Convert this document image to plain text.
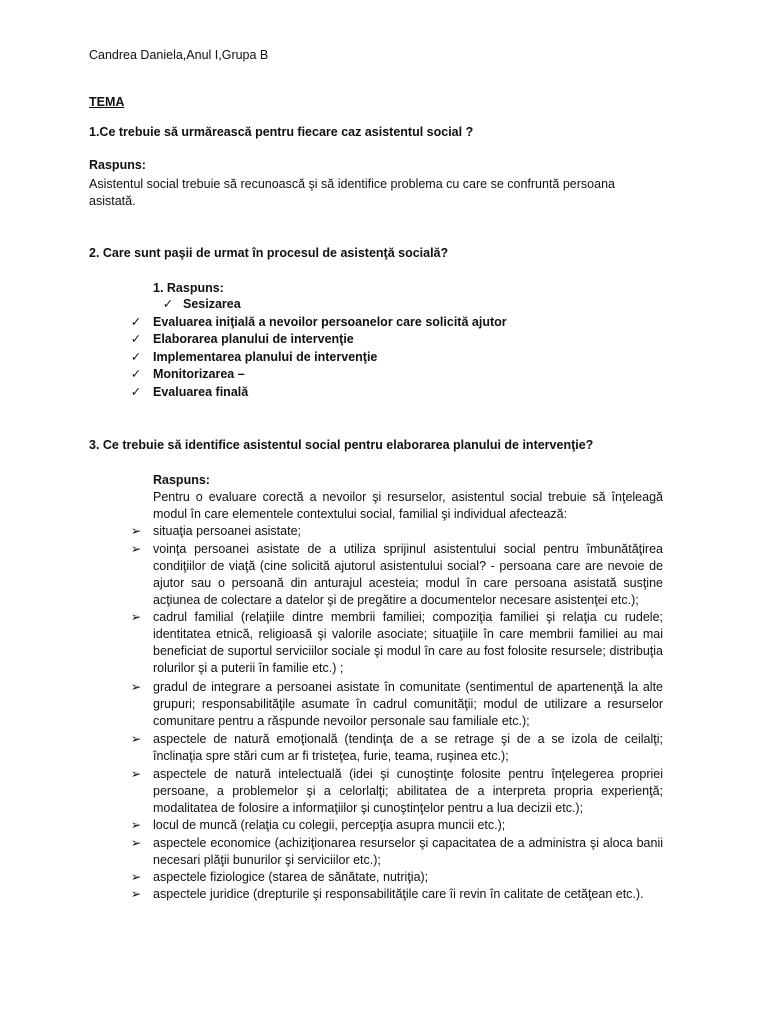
Candrea Daniela,Anul I,Grupa B
TEMA
1.Ce trebuie să urmărească pentru fiecare caz asistentul social ?
Raspuns:
Asistentul social trebuie să recunoască şi să identifice problema cu care se confruntă persoana
asistată.
2. Care sunt paşii de urmat în procesul de asistenţă socială?
1. Raspuns:
✓ Sesizarea
✓ Evaluarea iniţială a nevoilor persoanelor care solicită ajutor
✓ Elaborarea planului de intervenţie
✓ Implementarea planului de intervenţie
✓ Monitorizarea –
✓ Evaluarea finală
3. Ce trebuie să identifice asistentul social pentru elaborarea planului de intervenţie?
Raspuns:
Pentru o evaluare corectă a nevoilor şi resurselor, asistentul social trebuie să înţeleagă modul în care elementele contextului social, familial şi individual afectează:
➢ situaţia persoanei asistate;
➢ voinţa persoanei asistate de a utiliza sprijinul asistentului social pentru îmbunătăţirea condiţiilor de viaţă (cine solicită ajutorul asistentului social? - persoana care are nevoie de ajutor sau o persoană din anturajul acesteia; modul în care persoana asistată susţine acţiunea de colectare a datelor şi de pregătire a documentelor necesare asistenţei etc.);
➢ cadrul familial (relaţiile dintre membrii familiei; compoziţia familiei şi relaţia cu rudele; identitatea etnică, religioasă şi valorile asociate; situaţiile în care membrii familiei au mai beneficiat de suportul serviciilor sociale şi modul în care au fost folosite resursele; distribuţia rolurilor şi a puterii în familie etc.) ;
➢ gradul de integrare a persoanei asistate în comunitate (sentimentul de apartenenţă la alte grupuri; responsabilităţile asumate în cadrul comunităţii; modul de utilizare a resurselor comunitare pentru a răspunde nevoilor personale sau familiale etc.);
➢ aspectele de natură emoţională (tendinţa de a se retrage şi de a se izola de ceilalţi; înclinaţia spre stări cum ar fi tristeţea, furie, teama, ruşinea etc.);
➢ aspectele de natură intelectuală (idei şi cunoştinţe folosite pentru înţelegerea propriei persoane, a problemelor şi a celorlalţi; abilitatea de a interpreta propria experienţă; modalitatea de folosire a informaţiilor şi cunoştinţelor pentru a lua decizii etc.);
➢ locul de muncă (relaţia cu colegii, percepţia asupra muncii etc.);
➢ aspectele economice (achiziţionarea resurselor şi capacitatea de a administra şi aloca banii necesari plăţii bunurilor şi serviciilor etc.);
➢ aspectele fiziologice (starea de sănătate, nutriţia);
➢ aspectele juridice (drepturile şi responsabilităţile care îi revin în calitate de cetăţean etc.).
